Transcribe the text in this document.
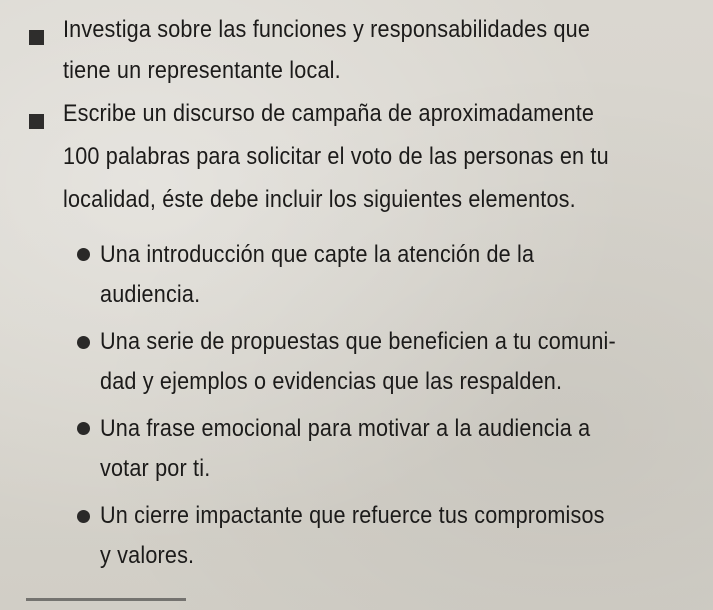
Investiga sobre las funciones y responsabilidades que
tiene un representante local.
Escribe un discurso de campaña de aproximadamente
100 palabras para solicitar el voto de las personas en tu
localidad, éste debe incluir los siguientes elementos.
Una introducción que capte la atención de la
audiencia.
Una serie de propuestas que beneficien a tu comuni-
dad y ejemplos o evidencias que las respalden.
Una frase emocional para motivar a la audiencia a
votar por ti.
Un cierre impactante que refuerce tus compromisos
y valores.
